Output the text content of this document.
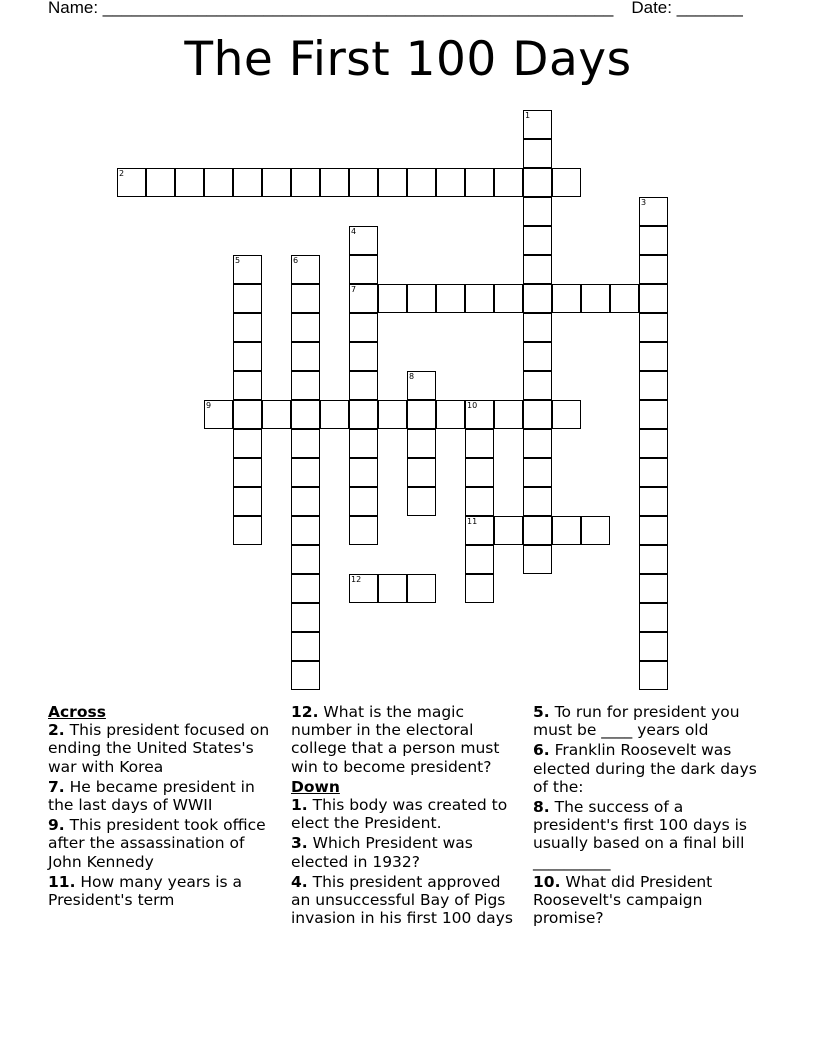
Name: ______________________________________________________ Date: _______
The First 100 Days
1
2
3
4
7
5	6
8
9	10
11
12
Across
2. This president focused on ending the United States's war with Korea
7. He became president in the last days of WWII
9. This president took office after the assassination of John Kennedy
11. How many years is a President's term
12. What is the magic number in the electoral college that a person must win to become president?
Down
1. This body was created to elect the President.
3. Which President was elected in 1932?
4. This president approved an unsuccessful Bay of Pigs invasion in his first 100 days
5. To run for president you must be ____ years old
6. Franklin Roosevelt was elected during the dark days of the:
8. The success of a president's first 100 days is usually based on a final bill __________
10. What did President Roosevelt's campaign promise?
